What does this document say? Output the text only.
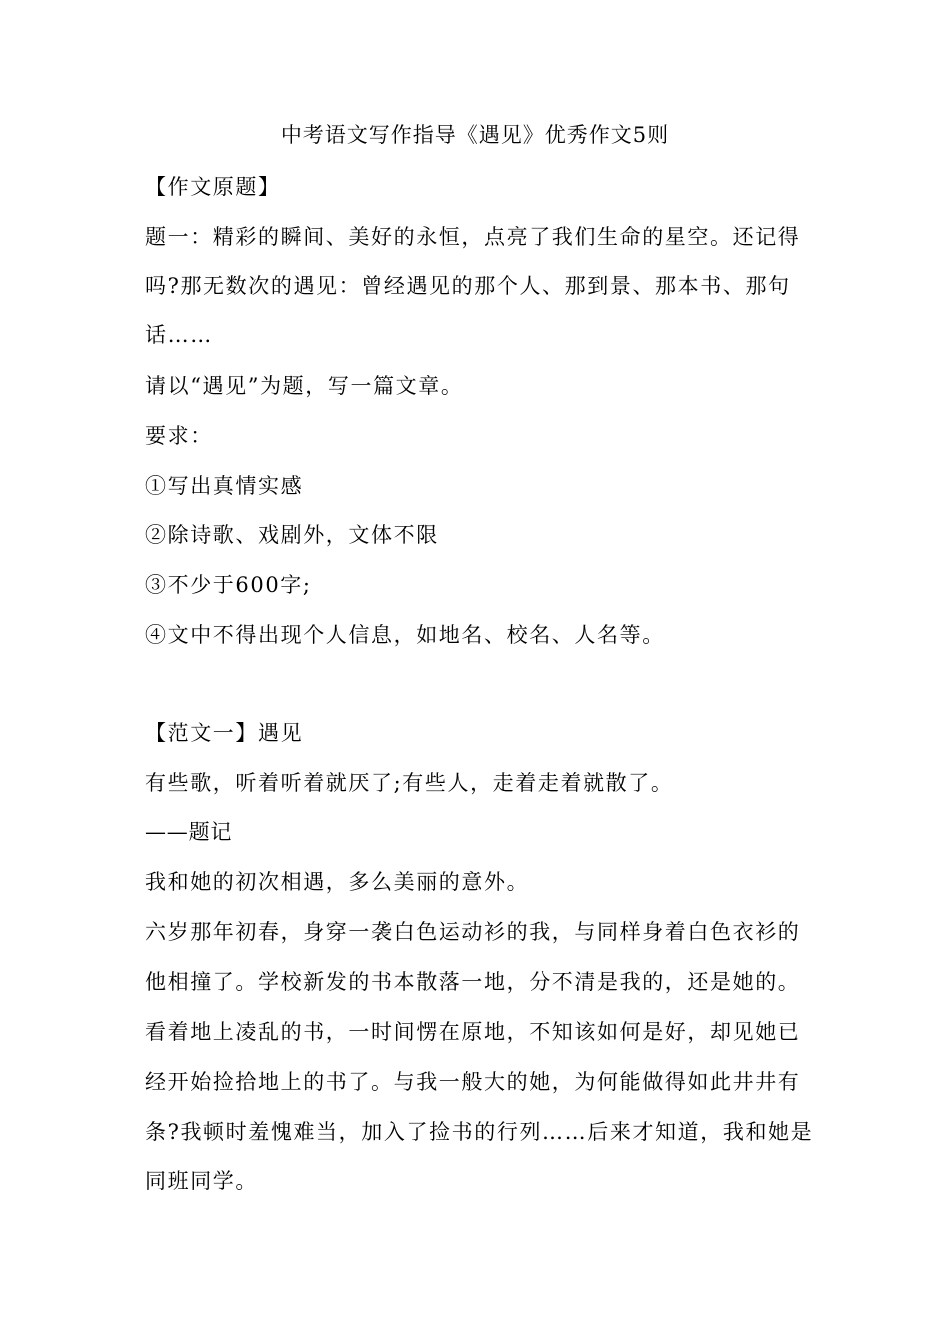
中考语文写作指导《遇见》优秀作文5则
【作文原题】
题一：精彩的瞬间、美好的永恒，点亮了我们生命的星空。还记得
吗?那无数次的遇见：曾经遇见的那个人、那到景、那本书、那句
话……
请以“遇见”为题，写一篇文章。
要求：
①写出真情实感
②除诗歌、戏剧外，文体不限
③不少于600字;
④文中不得出现个人信息，如地名、校名、人名等。
【范文一】遇见
有些歌，听着听着就厌了;有些人，走着走着就散了。
——题记
我和她的初次相遇，多么美丽的意外。
六岁那年初春，身穿一袭白色运动衫的我，与同样身着白色衣衫的
他相撞了。学校新发的书本散落一地，分不清是我的，还是她的。
看着地上凌乱的书，一时间愣在原地，不知该如何是好，却见她已
经开始捡拾地上的书了。与我一般大的她，为何能做得如此井井有
条?我顿时羞愧难当，加入了捡书的行列……后来才知道，我和她是
同班同学。
